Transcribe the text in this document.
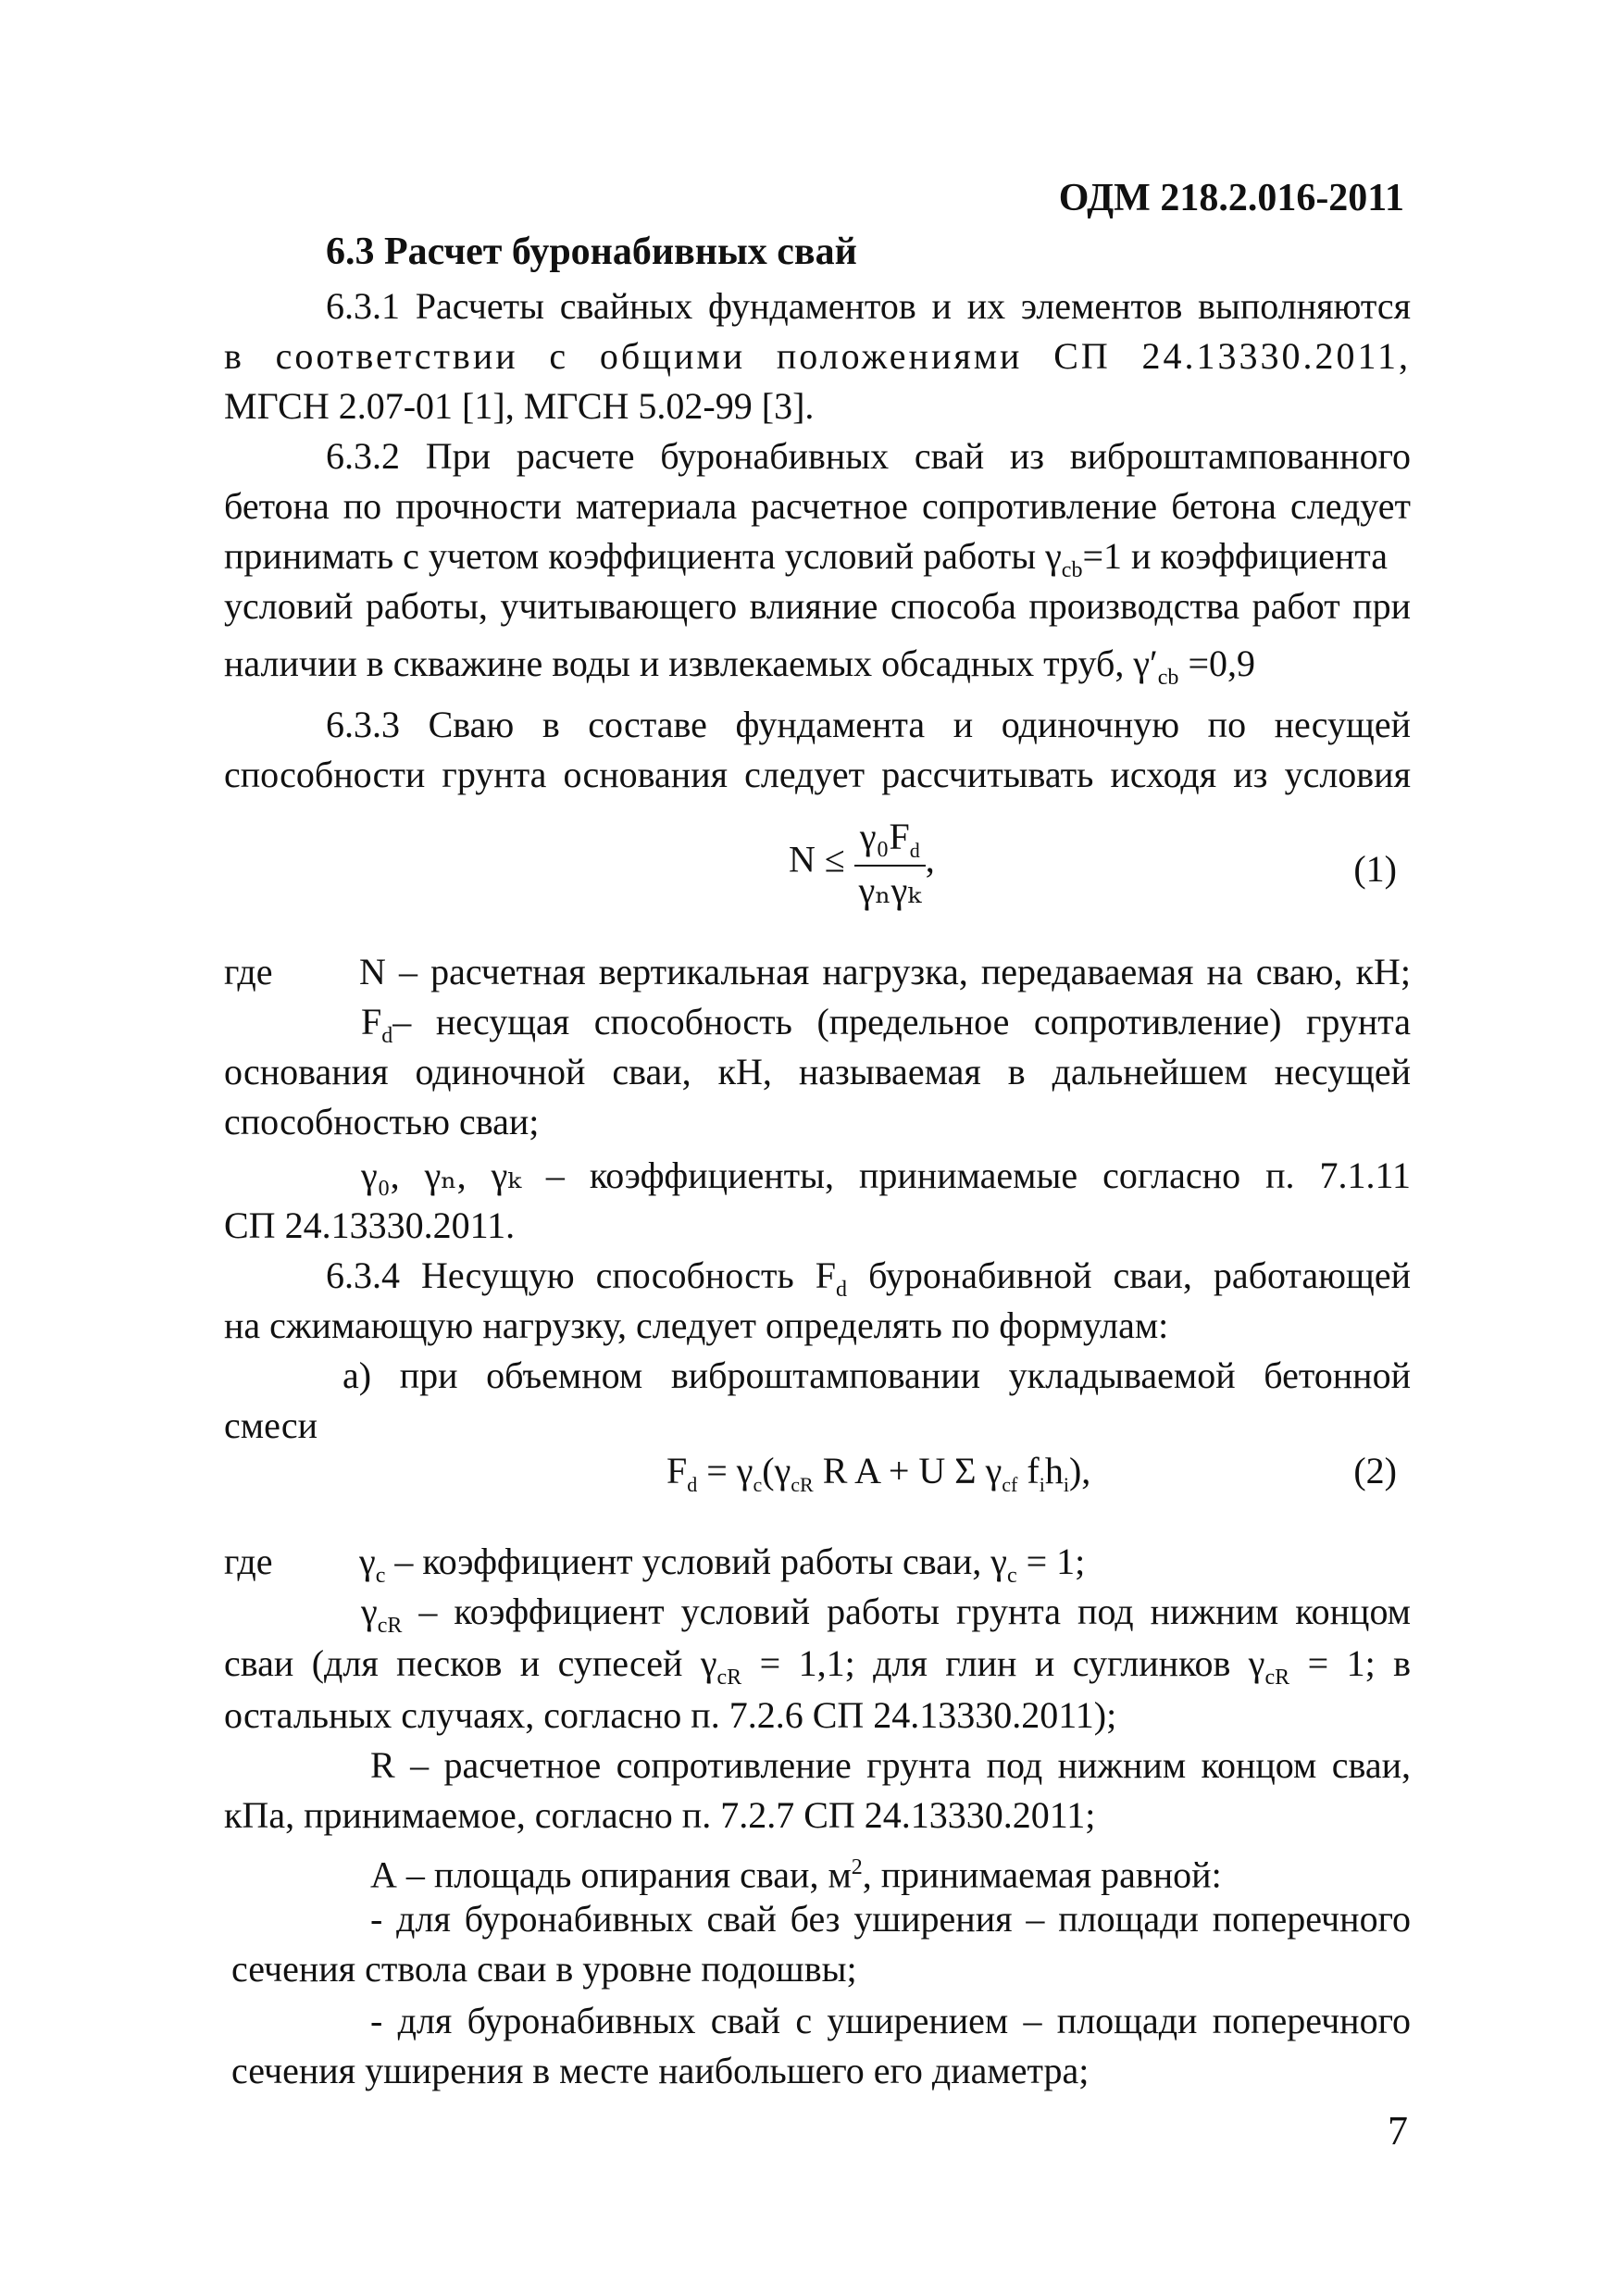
ОДМ 218.2.016-2011
6.3 Расчет буронабивных свай

6.3.1 Расчеты свайных фундаментов и их элементов выполняются

в соответствии с общими положениями СП 24.13330.2011,

МГСН 2.07-01 [1], МГСН 5.02-99 [3].

6.3.2 При расчете буронабивных свай из виброштампованного

бетона по прочности материала расчетное сопротивление бетона следует

принимать с учетом коэффициента условий работы $\gamma_{cb}=1$ и коэффициента

условий работы, учитывающего влияние способа производства работ при

наличии в скважине воды и извлекаемых обсадных труб, $\gamma'_{cb} =0,9$

6.3.3 Сваю в составе фундамента и одиночную по несущей

способности грунта основания следует рассчитывать исходя из условия

$N \le \frac{\gamma_0F_d}{\text{γₙγₖ}}$ ,	(1)

где	N – расчетная вертикальная нагрузка, передаваемая на сваю, кН;

$F_d-$ несущая способность (предельное сопротивление) грунта

основания одиночной сваи, кН, называемая в дальнейшем несущей

способностью сваи;

γ₀, γₙ, γₖ – коэффициенты, принимаемые согласно п. 7.1.11

СП 24.13330.2011.

6.3.4 Несущую способность $F_d$ буронабивной сваи, работающей

на сжимающую нагрузку, следует определять по формулам:

а) при объемном виброштамповании укладываемой бетонной

смеси

$F_d = \gamma_c(\gamma_{cR}$ R A + U Σ $\gamma_{cf}$ $f_ih_i$),	(2)

где	$\gamma_c$ – коэффициент условий работы сваи, $\gamma_c = 1$;

$\gamma_{cR}$ – коэффициент условий работы грунта под нижним концом

сваи (для песков и супесей $\gamma_{cR} = 1,1$; для глин и суглинков $\gamma_{cR} = 1$; в

остальных случаях, согласно п. 7.2.6 СП 24.13330.2011);

R – расчетное сопротивление грунта под нижним концом сваи,

кПа, принимаемое, согласно п. 7.2.7 СП 24.13330.2011;

А – площадь опирания сваи, $м^2$, принимаемая равной:

- для буронабивных свай без уширения – площади поперечного

сечения ствола сваи в уровне подошвы;

- для буронабивных свай с уширением – площади поперечного

сечения уширения в месте наибольшего его диаметра;

7
